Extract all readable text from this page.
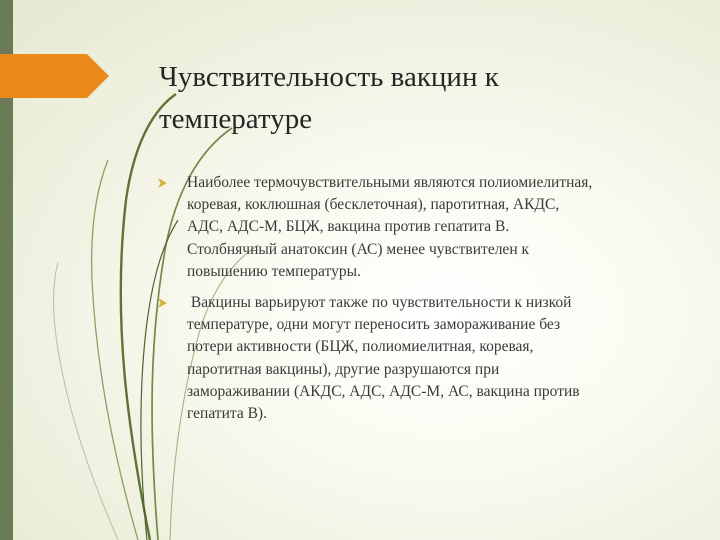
Чувствительность вакцин к
температуре
Наиболее термочувствительными являются полиомиелитная,
коревая, коклюшная (бесклеточная), паротитная, АКДС,
АДС, АДС-М, БЦЖ, вакцина против гепатита В.
Столбнячный анатоксин (АС) менее чувствителен к
повышению температуры.
Вакцины варьируют также по чувствительности к низкой
температуре, одни могут переносить замораживание без
потери активности (БЦЖ, полиомиелитная, коревая,
паротитная вакцины), другие разрушаются при
замораживании (АКДС, АДС, АДС-М, АС, вакцина против
гепатита В).
